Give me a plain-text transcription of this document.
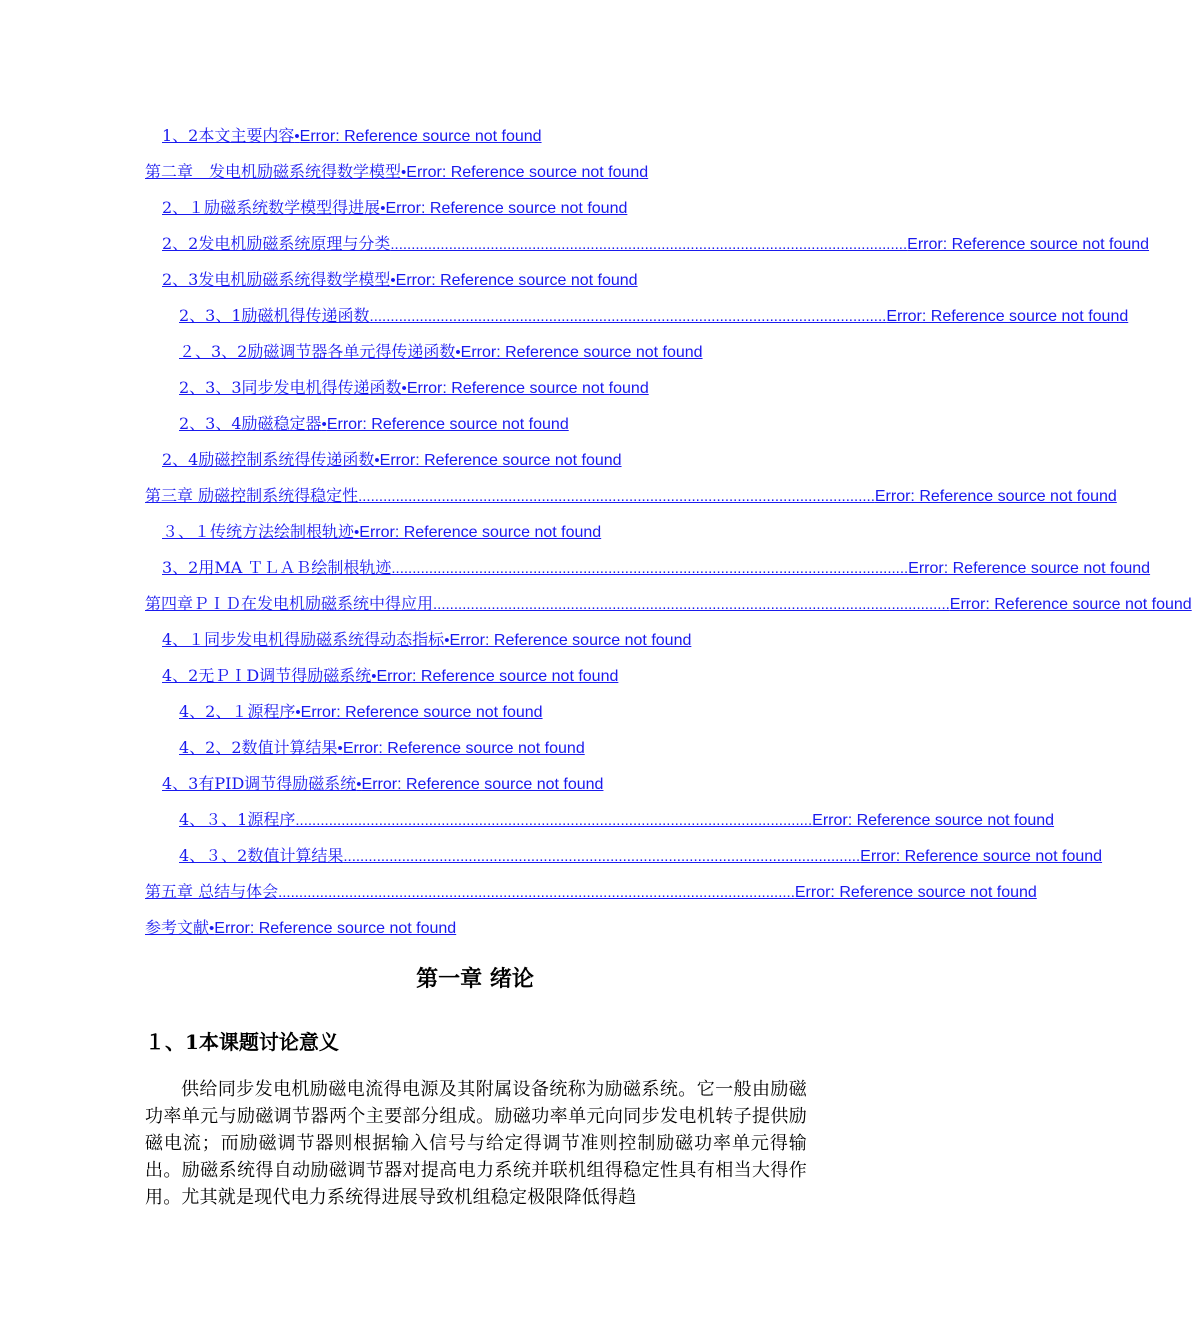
1、2本文主要内容•Error: Reference source not found
第二章　发电机励磁系统得数学模型•Error: Reference source not found
2、１励磁系统数学模型得进展•Error: Reference source not found
2、2发电机励磁系统原理与分类 ............................................................................................................................ Error: Reference source not found
2、3发电机励磁系统得数学模型•Error: Reference source not found
2、3、1励磁机得传递函数 ............................................................................................................................ Error: Reference source not found
２、3、2励磁调节器各单元得传递函数•Error: Reference source not found
2、3、3同步发电机得传递函数•Error: Reference source not found
2、3、4励磁稳定器•Error: Reference source not found
2、4励磁控制系统得传递函数•Error: Reference source not found
第三章 励磁控制系统得稳定性 ............................................................................................................................ Error: Reference source not found
３、１传统方法绘制根轨迹•Error: Reference source not found
3、2用MA ＴＬＡＢ绘制根轨迹 ............................................................................................................................ Error: Reference source not found
第四章ＰＩＤ在发电机励磁系统中得应用 ............................................................................................................................ Error: Reference source not found
4、１同步发电机得励磁系统得动态指标•Error: Reference source not found
4、2无ＰＩD调节得励磁系统•Error: Reference source not found
4、2、１源程序•Error: Reference source not found
4、2、2数值计算结果•Error: Reference source not found
4、3有PID调节得励磁系统•Error: Reference source not found
4、３、1源程序 ............................................................................................................................ Error: Reference source not found
4、３、2数值计算结果 ............................................................................................................................ Error: Reference source not found
第五章 总结与体会 ............................................................................................................................ Error: Reference source not found
参考文献•Error: Reference source not found
第一章 绪论
１、1本课题讨论意义
供给同步发电机励磁电流得电源及其附属设备统称为励磁系统。它一般由励磁功率单元与励磁调节器两个主要部分组成。励磁功率单元向同步发电机转子提供励磁电流；而励磁调节器则根据输入信号与给定得调节准则控制励磁功率单元得输出。励磁系统得自动励磁调节器对提高电力系统并联机组得稳定性具有相当大得作用。尤其就是现代电力系统得进展导致机组稳定极限降低得趋
